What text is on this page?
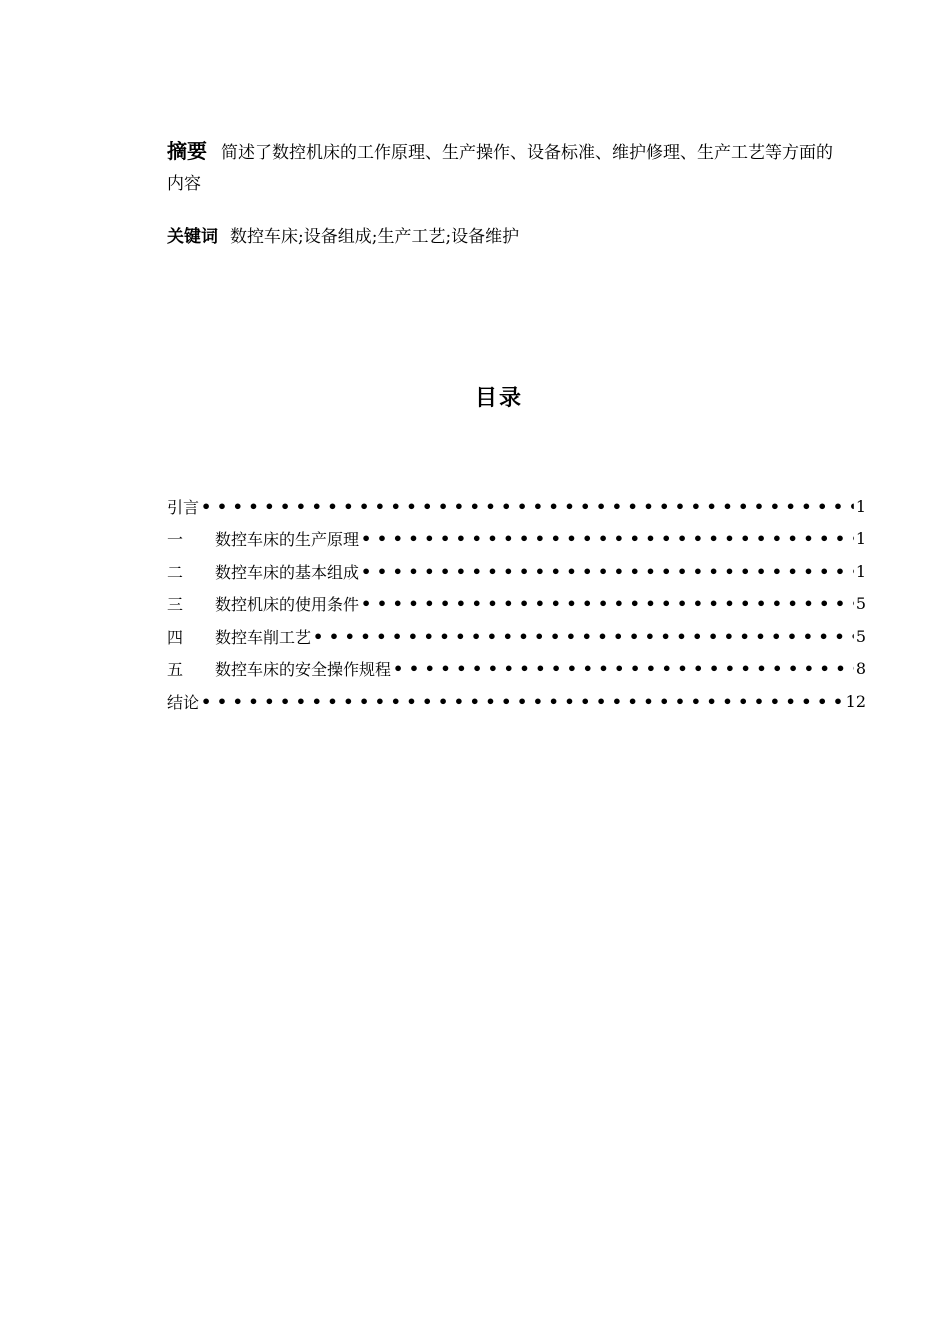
摘要 简述了数控机床的工作原理、生产操作、设备标准、维护修理、生产工艺等方面的内容
关键词 数控车床;设备组成;生产工艺;设备维护
目录
引言 • • •	1
一	数控车床的生产原理 • • •	1
二	数控车床的基本组成 • • •	1
三	数控机床的使用条件 • • •	5
四	数控车削工艺 • • •	5
五	数控车床的安全操作规程 • • •	8
结论 • • •	12
